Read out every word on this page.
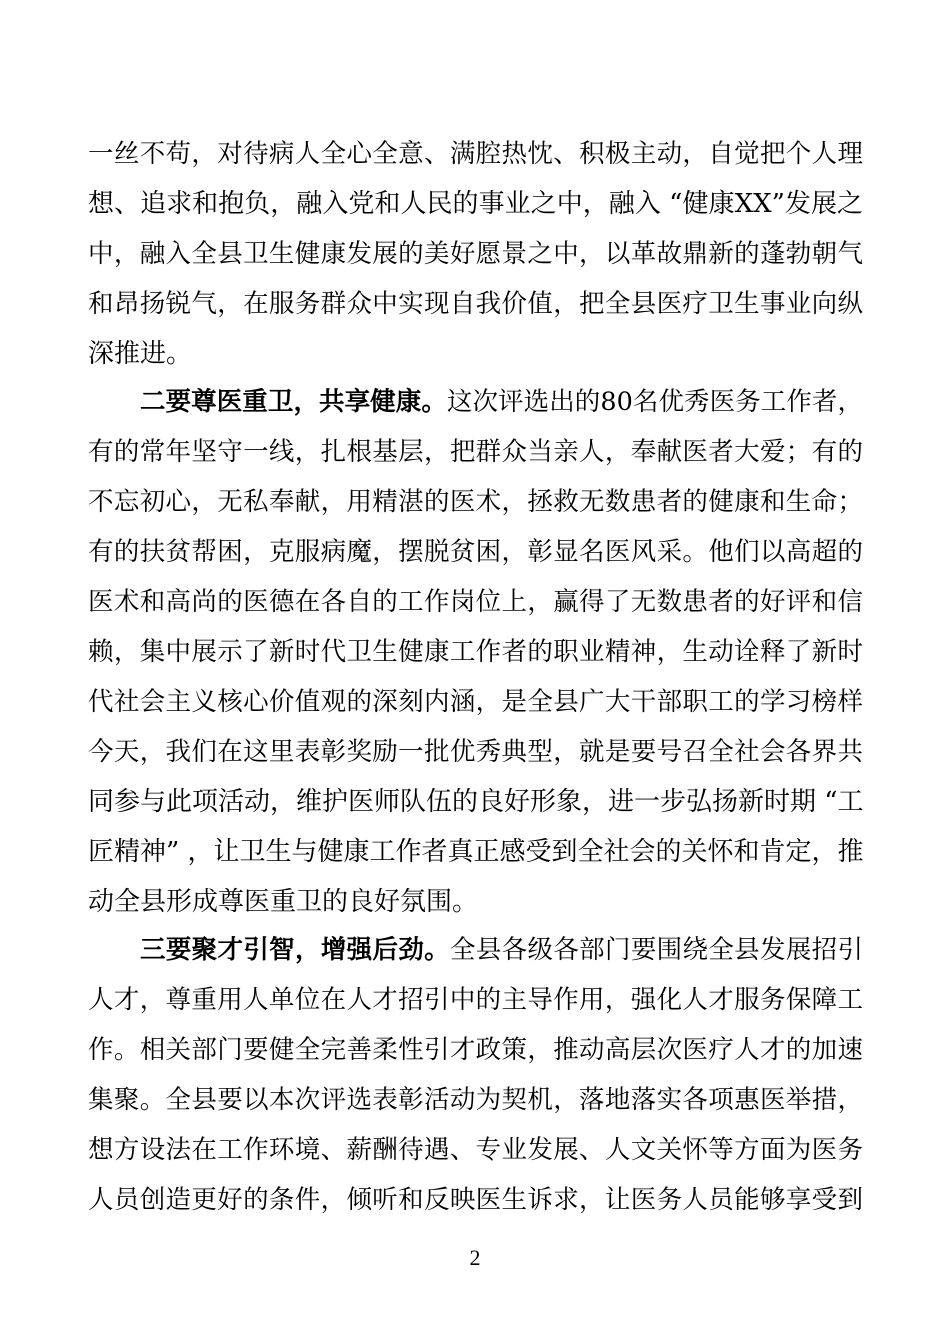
一丝不苟，对待病人全心全意、满腔热忱、积极主动，自觉把个人理
想、追求和抱负，融入党和人民的事业之中，融入 “健康XX”发展之
中，融入全县卫生健康发展的美好愿景之中，以革故鼎新的蓬勃朝气
和昂扬锐气，在服务群众中实现自我价值，把全县医疗卫生事业向纵
深推进。
二要尊医重卫，共享健康。这次评选出的80名优秀医务工作者，
有的常年坚守一线，扎根基层，把群众当亲人，奉献医者大爱；有的
不忘初心，无私奉献，用精湛的医术，拯救无数患者的健康和生命；
有的扶贫帮困，克服病魔，摆脱贫困，彰显名医风采。他们以高超的
医术和高尚的医德在各自的工作岗位上，赢得了无数患者的好评和信
赖，集中展示了新时代卫生健康工作者的职业精神，生动诠释了新时
代社会主义核心价值观的深刻内涵，是全县广大干部职工的学习榜样
今天，我们在这里表彰奖励一批优秀典型，就是要号召全社会各界共
同参与此项活动，维护医师队伍的良好形象，进一步弘扬新时期 “工
匠精神” ，让卫生与健康工作者真正感受到全社会的关怀和肯定，推
动全县形成尊医重卫的良好氛围。
三要聚才引智，增强后劲。全县各级各部门要围绕全县发展招引
人才，尊重用人单位在人才招引中的主导作用，强化人才服务保障工
作。相关部门要健全完善柔性引才政策，推动高层次医疗人才的加速
集聚。全县要以本次评选表彰活动为契机，落地落实各项惠医举措，
想方设法在工作环境、薪酬待遇、专业发展、人文关怀等方面为医务
人员创造更好的条件，倾听和反映医生诉求，让医务人员能够享受到
2
